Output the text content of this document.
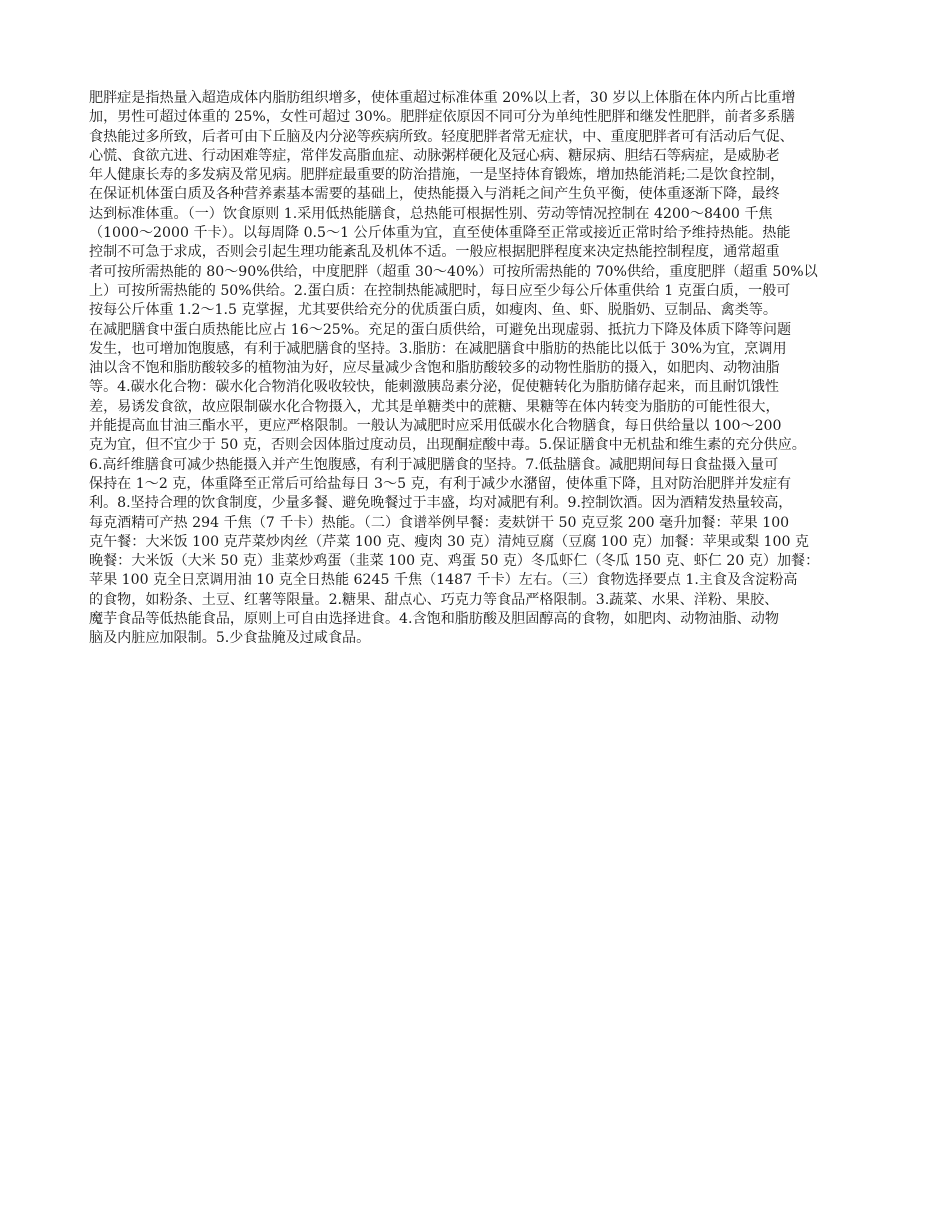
肥胖症是指热量入超造成体内脂肪组织增多，使体重超过标准体重 20%以上者，30 岁以上体脂在体内所占比重增
加，男性可超过体重的 25%，女性可超过 30%。肥胖症依原因不同可分为单纯性肥胖和继发性肥胖，前者多系膳
食热能过多所致，后者可由下丘脑及内分泌等疾病所致。轻度肥胖者常无症状，中、重度肥胖者可有活动后气促、
心慌、食欲亢进、行动困难等症，常伴发高脂血症、动脉粥样硬化及冠心病、糖尿病、胆结石等病症，是威胁老
年人健康长寿的多发病及常见病。肥胖症最重要的防治措施，一是坚持体育锻炼，增加热能消耗;二是饮食控制，
在保证机体蛋白质及各种营养素基本需要的基础上，使热能摄入与消耗之间产生负平衡，使体重逐渐下降，最终
达到标准体重。（一）饮食原则 1.采用低热能膳食，总热能可根据性别、劳动等情况控制在 4200～8400 千焦
（1000～2000 千卡）。以每周降 0.5～1 公斤体重为宜，直至使体重降至正常或接近正常时给予维持热能。热能
控制不可急于求成，否则会引起生理功能紊乱及机体不适。一般应根据肥胖程度来决定热能控制程度，通常超重
者可按所需热能的 80～90%供给，中度肥胖（超重 30～40%）可按所需热能的 70%供给，重度肥胖（超重 50%以
上）可按所需热能的 50%供给。2.蛋白质：在控制热能减肥时，每日应至少每公斤体重供给 1 克蛋白质，一般可
按每公斤体重 1.2～1.5 克掌握，尤其要供给充分的优质蛋白质，如瘦肉、鱼、虾、脱脂奶、豆制品、禽类等。
在减肥膳食中蛋白质热能比应占 16～25%。充足的蛋白质供给，可避免出现虚弱、抵抗力下降及体质下降等问题
发生，也可增加饱腹感，有利于减肥膳食的坚持。3.脂肪：在减肥膳食中脂肪的热能比以低于 30%为宜，烹调用
油以含不饱和脂肪酸较多的植物油为好，应尽量减少含饱和脂肪酸较多的动物性脂肪的摄入，如肥肉、动物油脂
等。4.碳水化合物：碳水化合物消化吸收较快，能刺激胰岛素分泌，促使糖转化为脂肪储存起来，而且耐饥饿性
差，易诱发食欲，故应限制碳水化合物摄入，尤其是单糖类中的蔗糖、果糖等在体内转变为脂肪的可能性很大，
并能提高血甘油三酯水平，更应严格限制。一般认为减肥时应采用低碳水化合物膳食，每日供给量以 100～200
克为宜，但不宜少于 50 克，否则会因体脂过度动员，出现酮症酸中毒。5.保证膳食中无机盐和维生素的充分供应。
6.高纤维膳食可减少热能摄入并产生饱腹感，有利于减肥膳食的坚持。7.低盐膳食。减肥期间每日食盐摄入量可
保持在 1～2 克，体重降至正常后可给盐每日 3～5 克，有利于减少水潴留，使体重下降，且对防治肥胖并发症有
利。8.坚持合理的饮食制度，少量多餐、避免晚餐过于丰盛，均对减肥有利。9.控制饮酒。因为酒精发热量较高，
每克酒精可产热 294 千焦（7 千卡）热能。（二）食谱举例早餐：麦麸饼干 50 克豆浆 200 毫升加餐：苹果 100
克午餐：大米饭 100 克芹菜炒肉丝（芹菜 100 克、瘦肉 30 克）清炖豆腐（豆腐 100 克）加餐：苹果或梨 100 克
晚餐：大米饭（大米 50 克）韭菜炒鸡蛋（韭菜 100 克、鸡蛋 50 克）冬瓜虾仁（冬瓜 150 克、虾仁 20 克）加餐：
苹果 100 克全日烹调用油 10 克全日热能 6245 千焦（1487 千卡）左右。（三）食物选择要点 1.主食及含淀粉高
的食物，如粉条、土豆、红薯等限量。2.糖果、甜点心、巧克力等食品严格限制。3.蔬菜、水果、洋粉、果胶、
魔芋食品等低热能食品，原则上可自由选择进食。4.含饱和脂肪酸及胆固醇高的食物，如肥肉、动物油脂、动物
脑及内脏应加限制。5.少食盐腌及过咸食品。
